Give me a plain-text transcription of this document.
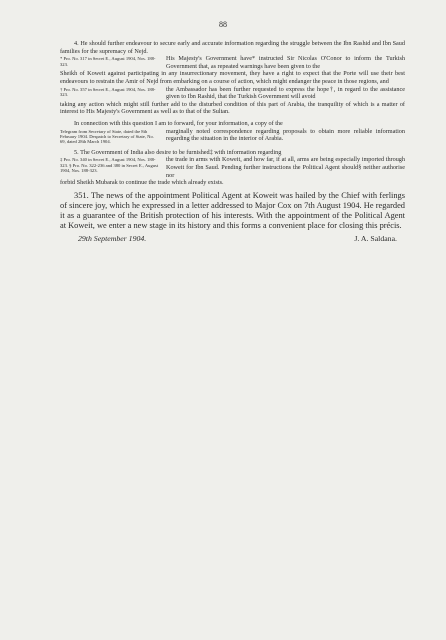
88

4. He should further endeavour to secure early and accurate information regarding the struggle between the Ibn Rashid and Ibn Saud families for the supremacy of Nejd.

* Pro. No. 317 in Secret E., August 1904, Nos. 188-323.

His Majesty's Government have* instructed Sir Nicolas O'Conor to inform the Turkish Government that, as repeated warnings have been given to the

Sheikh of Koweit against participating in any insurrectionary movement, they have a right to expect that the Porte will use their best endeavours to restrain the Amir of Nejd from embarking on a course of action, which might endanger the peace in those regions, and

† Pro. No. 357 in Secret E., August 1904, Nos. 188-323.

the Ambassador has been further requested to express the hope†, in regard to the assistance given to Ibn Rashid, that the Turkish Government will avoid

taking any action which might still further add to the disturbed condition of this part of Arabia, the tranquility of which is a matter of interest to His Majesty's Government as well as to that of the Sultan.

In connection with this question I am to forward, for your information, a copy of the

Telegram from Secretary of State, dated the 8th February 1904. Despatch to Secretary of State, No. 69, dated 28th March 1904.

marginally noted correspondence regarding proposals to obtain more reliable information regarding the situation in the interior of Arabia.

5. The Government of India also desire to be furnished‡ with information regarding

‡ Pro. No. 340 in Secret E., August 1904, Nos. 188-323. § Pro. No. 322-236 and 380 in Secret E., August 1904, Nos. 188-323.

the trade in arms with Koweit, and how far, if at all, arms are being especially imported through Koweit for Ibn Saud. Pending further instructions the Political Agent should§ neither authorise nor

forbid Sheikh Mubarak to continue the trade which already exists.

351. The news of the appointment Political Agent at Koweit was hailed by the Chief with ferlings of sincere joy, which he expressed in a letter addressed to Major Cox on 7th August 1904. He regarded it as a guarantee of the British protection of his interests. With the appointment of the Political Agent at Koweit, we enter a new stage in its history and this forms a convenient place for closing this précis.

29th September 1904.	J. A. Saldana.
